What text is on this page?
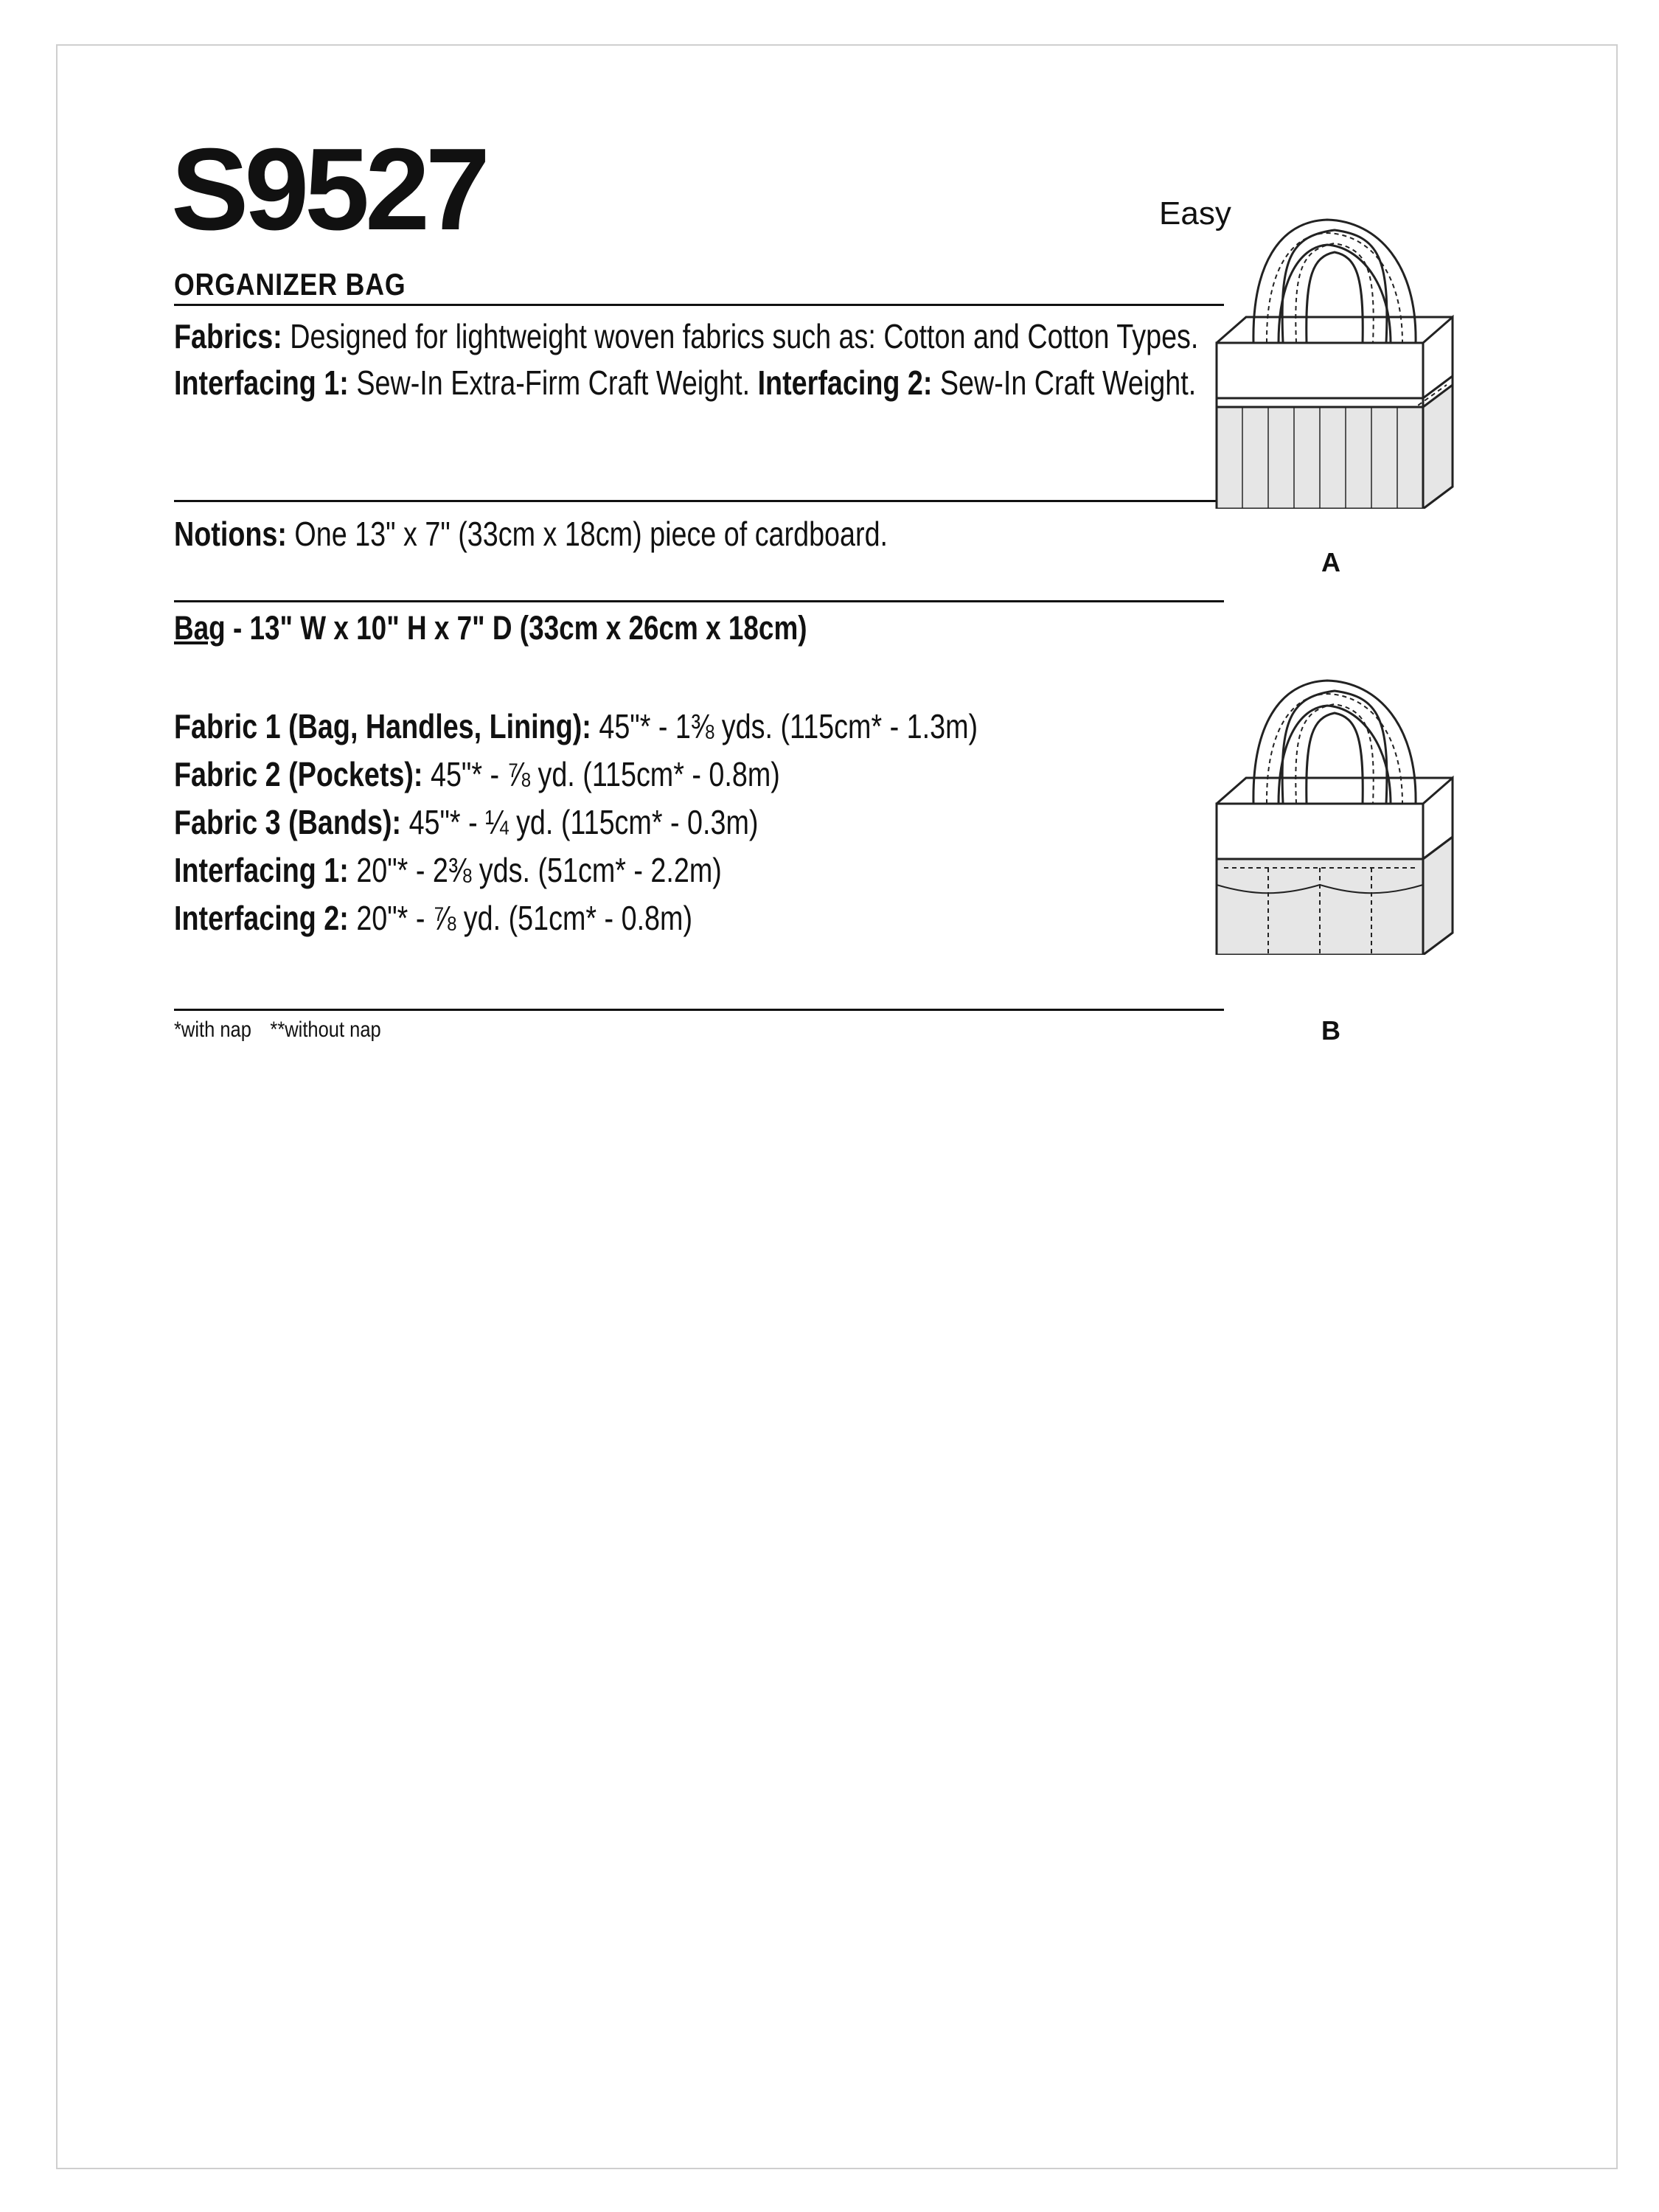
S9527	Easy
ORGANIZER BAG
Fabrics: Designed for lightweight woven fabrics such as: Cotton and Cotton Types. Interfacing 1: Sew-In Extra-Firm Craft Weight. Interfacing 2: Sew-In Craft Weight.
Notions: One 13" x 7" (33cm x 18cm) piece of cardboard.
Bag - 13" W x 10" H x 7" D (33cm x 26cm x 18cm)
Fabric 1 (Bag, Handles, Lining): 45"* - 1⅜ yds. (115cm* - 1.3m)
Fabric 2 (Pockets): 45"* - ⅞ yd. (115cm* - 0.8m)
Fabric 3 (Bands): 45"* - ¼ yd. (115cm* - 0.3m)
Interfacing 1: 20"* - 2⅜ yds. (51cm* - 2.2m)
Interfacing 2: 20"* - ⅞ yd. (51cm* - 0.8m)
*with nap **without nap
A
B
